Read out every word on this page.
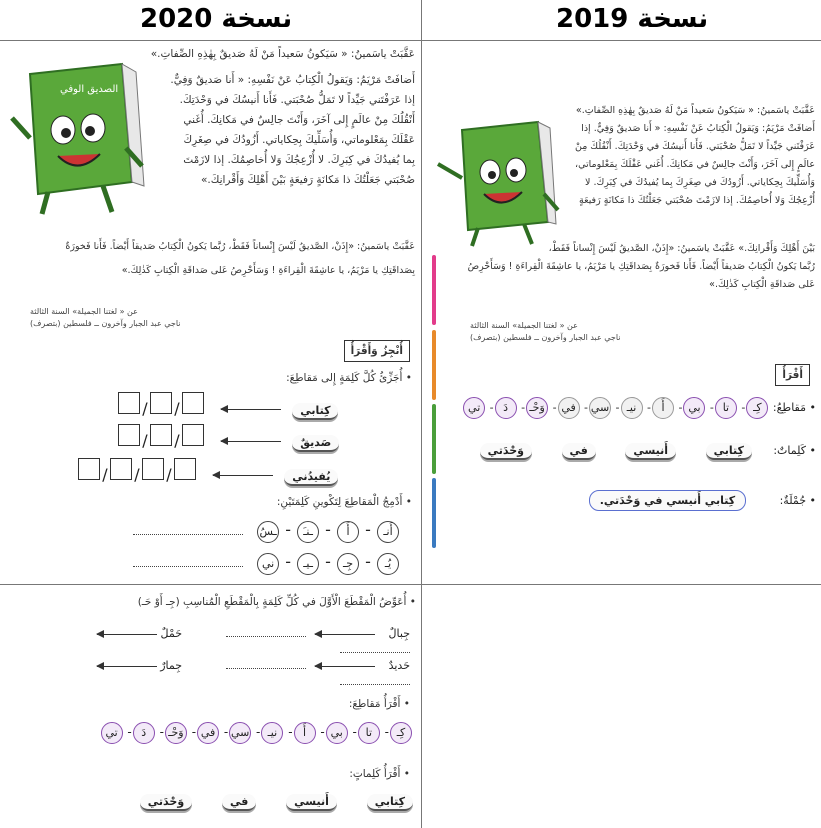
2020 نسخة	نسخة 2019
الصديق الوفي

عَقَّبَتْ ياسَمينُ: « سَيَكونُ سَعيداً مَنْ لَهُ صَديقٌ بِهٰذِهِ الصِّفاتِ.»

أَضافَتْ مَرْيَمُ: وَيَقولُ الْكِتابُ عَنْ نَفْسِهِ: « أَنا صَديقٌ وَفِيٌّ.

إذا عَرَفْتَني جَيِّداً لا تَمَلُّ صُحْبَتي. فَأَنا أَنيسُكَ في وَحْدَتِكَ.

أَنْقُلُكَ مِنْ عالَمٍ إِلى آخَرَ، وَأَنْتَ جالِسٌ في مَكانِكَ. أُغَني

عَقْلَكَ بِمَعْلوماتي، وَأُسَلِّيكَ بِحِكاياتي. أَزُودُكَ في صِغَرِكَ

بِما يُفيدُكَ في كِبَرِكَ. لا أُزْعِجُكَ وَلا أُخاصِمُكَ. إذا لازَمْتَ

صُحْبَتي جَعَلْتُكَ ذا مَكانَةٍ رَفيعَةٍ بَيْنَ أَهْلِكَ وَأَقْرانِكَ.»

عَقَّبَتْ ياسَمينُ: «إِذَنْ، الصَّديقُ لَيْسَ إِنْساناً فَقَطْ، رُبَّما يَكونُ الْكِتابُ صَديقاً أَيْضاً. فَأَنا فَخورَةٌ

بِصَداقَتِكِ يا مَرْيَمُ، يا عاشِقَةَ الْقِراءَةِ ! وَسَأَحْرِصُ عَلى صَداقَةِ الْكِتابِ كَذٰلِكَ.»

عن « لغتنا الجميلة» السنة الثالثة
ناجي عبد الجبار وآخرون ــ فلسطين (بتصرف)
أُنْجِزُ وَأَقْرَأُ
• أُجَزِّئُ كُلَّ كَلِمَةٍ إِلى مَقاطِعَ:
/ /	كِتابي
/ /	صَديقٌ
/ / /	يُفيدُني
• أَدْمِجُ الْمَقاطِعَ لِتَكْوينِ كَلِمَتَيْنِ:
أَنـ - أَ - ـنـَ - ـسُ
يُـ - جِـ - ـيـ - ني
• أُعَوِّضُ الْمَقْطَعَ الْأَوَّلَ في كُلِّ كَلِمَةٍ بِالْمَقْطَعِ الْمُناسِبِ (جِـ أَوْ حَـ)
جِبالٌ   حَمْلٌ
حَديدٌ   جِمارٌ
• أَقْرَأُ مَقاطِعَ:
كِـ- تا- بي- أَ- نيـ- سي- في- وَحْـ- دَ- تي
• أَقْرَأُ كَلِماتٍ:
كِتابي أَنيسي في وَحْدَتي

عَقَّبَتْ ياسَمينُ: « سَيَكونُ سَعيداً مَنْ لَهُ صَديقٌ بِهٰذِهِ الصِّفاتِ.»

أَضافَتْ مَرْيَمُ: وَيَقولُ الْكِتابُ عَنْ نَفْسِهِ: « أَنا صَديقٌ وَفِيٌّ. إذا

عَرَفْتَني جَيِّداً لا تَمَلُّ صُحْبَتي. فَأَنا أَنيسُكَ في وَحْدَتِكَ. أَنْقُلُكَ مِنْ

عالَمٍ إِلى آخَرَ، وَأَنْتَ جالِسٌ في مَكانِكَ. أُغَني عَقْلَكَ بِمَعْلوماتي،

وَأُسَلِّيكَ بِحِكاياتي. أَزُودُكَ في صِغَرِكَ بِما يُفيدُكَ في كِبَرِكَ. لا

أُزْعِجُكَ وَلا أُخاصِمُكَ. إذا لازَمْتَ صُحْبَتي جَعَلْتُكَ ذا مَكانَةٍ رَفيعَةٍ

بَيْنَ أَهْلِكَ وَأَقْرانِكَ.» عَقَّبَتْ ياسَمينُ: «إِذَنْ، الصَّديقُ لَيْسَ إِنْساناً فَقَطْ،

رُبَّما يَكونُ الْكِتابُ صَديقاً أَيْضاً. فَأَنا فَخورَةٌ بِصَداقَتِكِ يا مَرْيَمُ، يا عاشِقَةَ الْقِراءَةِ ! وَسَأَحْرِصُ

عَلى صَداقَةِ الْكِتابِ كَذٰلِكَ.»

عن « لغتنا الجميلة» السنة الثالثة
ناجي عبد الجبار وآخرون ــ فلسطين (بتصرف)
أَقْرَأُ
• مَقاطِعُ: كِـ- تا- بي- أَ- نيـ- سي- في- وَحْـ- دَ- تي
• كَلِماتٌ: كِتابي أَنيسي في وَحْدَتي
• جُمْلَةٌ: كِتابي أَنيسي في وَحْدَتي.
